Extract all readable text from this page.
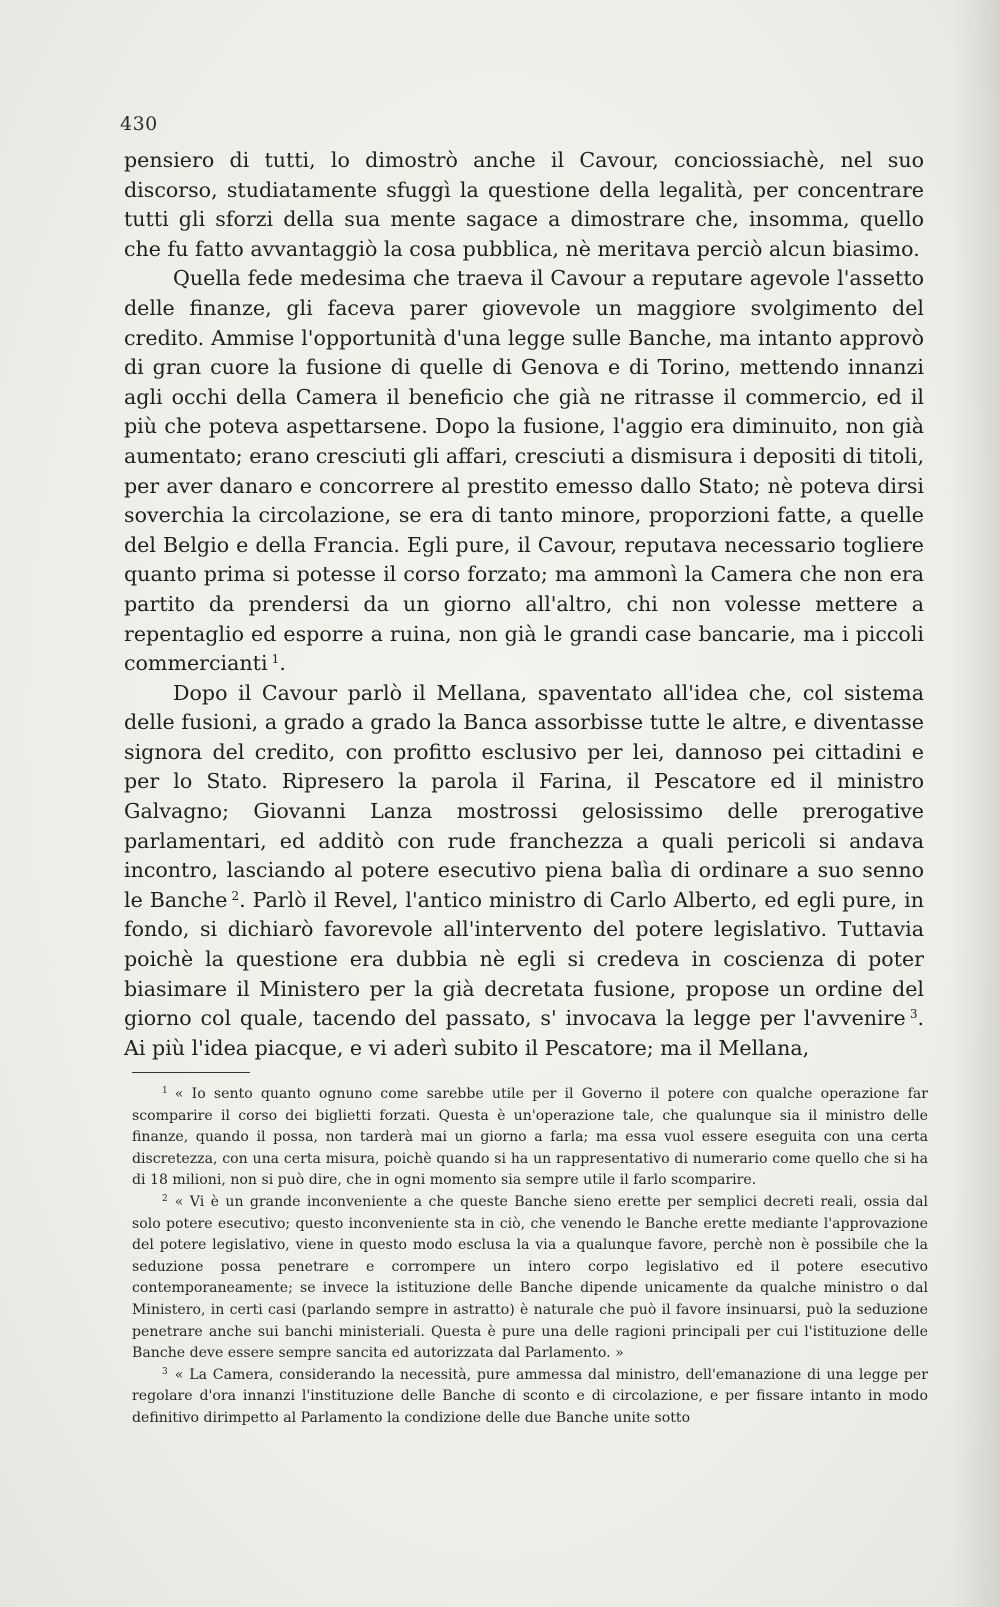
430

pensiero di tutti, lo dimostrò anche il Cavour, conciossiachè, nel suo discorso, studiatamente sfuggì la questione della legalità, per concentrare tutti gli sforzi della sua mente sagace a dimostrare che, insomma, quello che fu fatto avvantaggiò la cosa pubblica, nè meritava perciò alcun biasimo.

Quella fede medesima che traeva il Cavour a reputare agevole l'assetto delle finanze, gli faceva parer giovevole un maggiore svolgimento del credito. Ammise l'opportunità d'una legge sulle Banche, ma intanto approvò di gran cuore la fusione di quelle di Genova e di Torino, mettendo innanzi agli occhi della Camera il beneficio che già ne ritrasse il commercio, ed il più che poteva aspettarsene. Dopo la fusione, l'aggio era diminuito, non già aumentato; erano cresciuti gli affari, cresciuti a dismisura i depositi di titoli, per aver danaro e concorrere al prestito emesso dallo Stato; nè poteva dirsi soverchia la circolazione, se era di tanto minore, proporzioni fatte, a quelle del Belgio e della Francia. Egli pure, il Cavour, reputava necessario togliere quanto prima si potesse il corso forzato; ma ammonì la Camera che non era partito da prendersi da un giorno all'altro, chi non volesse mettere a repentaglio ed esporre a ruina, non già le grandi case bancarie, ma i piccoli commercianti  $^1$.

Dopo il Cavour parlò il Mellana, spaventato all'idea che, col sistema delle fusioni, a grado a grado la Banca assorbisse tutte le altre, e diventasse signora del credito, con profitto esclusivo per lei, dannoso pei cittadini e per lo Stato. Ripresero la parola il Farina, il Pescatore ed il ministro Galvagno; Giovanni Lanza mostrossi gelosissimo delle prerogative parlamentari, ed additò con rude franchezza a quali pericoli si andava incontro, lasciando al potere esecutivo piena balìa di ordinare a suo senno le Banche  $^2$. Parlò il Revel, l'antico ministro di Carlo Alberto, ed egli pure, in fondo, si dichiarò favorevole all'intervento del potere legislativo. Tuttavia poichè la questione era dubbia nè egli si credeva in coscienza di poter biasimare il Ministero per la già decretata fusione, propose un ordine del giorno col quale, tacendo del passato, s' invocava la legge per l'avvenire  $^3$. Ai più l'idea piacque, e vi aderì subito il Pescatore; ma il Mellana,

$^1$  « Io sento quanto ognuno come sarebbe utile per il Governo il potere con qualche operazione far scomparire il corso dei biglietti forzati. Questa è un'operazione tale, che qualunque sia il ministro delle finanze, quando il possa, non tarderà mai un giorno a farla; ma essa vuol essere eseguita con una certa discretezza, con una certa misura, poichè quando si ha un rappresentativo di numerario come quello che si ha di 18 milioni, non si può dire, che in ogni momento sia sempre utile il farlo scomparire.

$^2$  « Vi è un grande inconveniente a che queste Banche sieno erette per semplici decreti reali, ossia dal solo potere esecutivo; questo inconveniente sta in ciò, che venendo le Banche erette mediante l'approvazione del potere legislativo, viene in questo modo esclusa la via a qualunque favore, perchè non è possibile che la seduzione possa penetrare e corrompere un intero corpo legislativo ed il potere esecutivo contemporaneamente; se invece la istituzione delle Banche dipende unicamente da qualche ministro o dal Ministero, in certi casi (parlando sempre in astratto) è naturale che può il favore insinuarsi, può la seduzione penetrare anche sui banchi ministeriali. Questa è pure una delle ragioni principali per cui l'istituzione delle Banche deve essere sempre sancita ed autorizzata dal Parlamento. »

$^3$  « La Camera, considerando la necessità, pure ammessa dal ministro, dell'emanazione di una legge per regolare d'ora innanzi l'instituzione delle Banche di sconto e di circolazione, e per fissare intanto in modo definitivo dirimpetto al Parlamento la condizione delle due Banche unite sotto
